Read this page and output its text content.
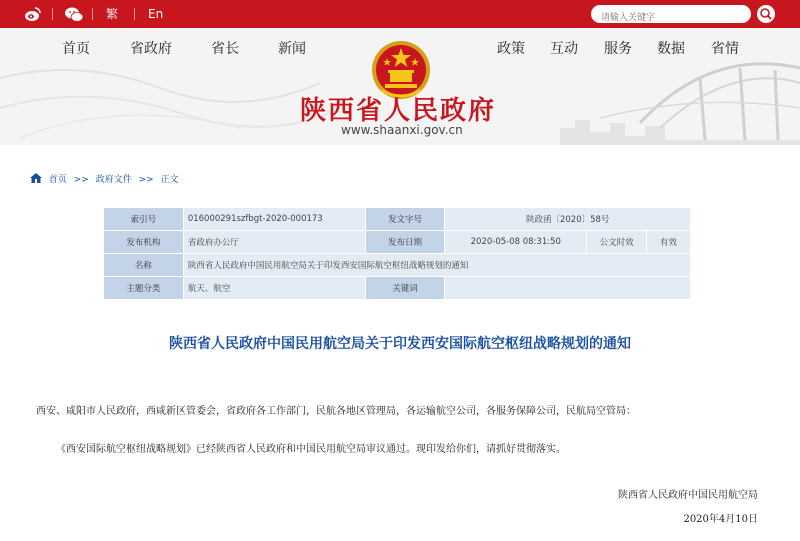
繁 En
请输入关键字
首页	省政府	省长	新闻	政策 互动 服务 数据 省情
陕西省人民政府
www.shaanxi.gov.cn
首页 >> 政府文件 >> 正文
索引号	016000291szfbgt-2020-000173	发文字号	陕政函〔2020〕58号		
发布机构	省政府办公厅	发布日期	2020-05-08 08:31:50	公文时效	有效
名称	陕西省人民政府中国民用航空局关于印发西安国际航空枢纽战略规划的通知				
主题分类	航天、航空	关键词			
陕西省人民政府中国民用航空局关于印发西安国际航空枢纽战略规划的通知
西安、咸阳市人民政府，西咸新区管委会，省政府各工作部门，民航各地区管理局，各运输航空公司，各服务保障公司，民航局空管局：
《西安国际航空枢纽战略规划》已经陕西省人民政府和中国民用航空局审议通过。现印发给你们，请抓好贯彻落实。
陕西省人民政府中国民用航空局
2020年4月10日
